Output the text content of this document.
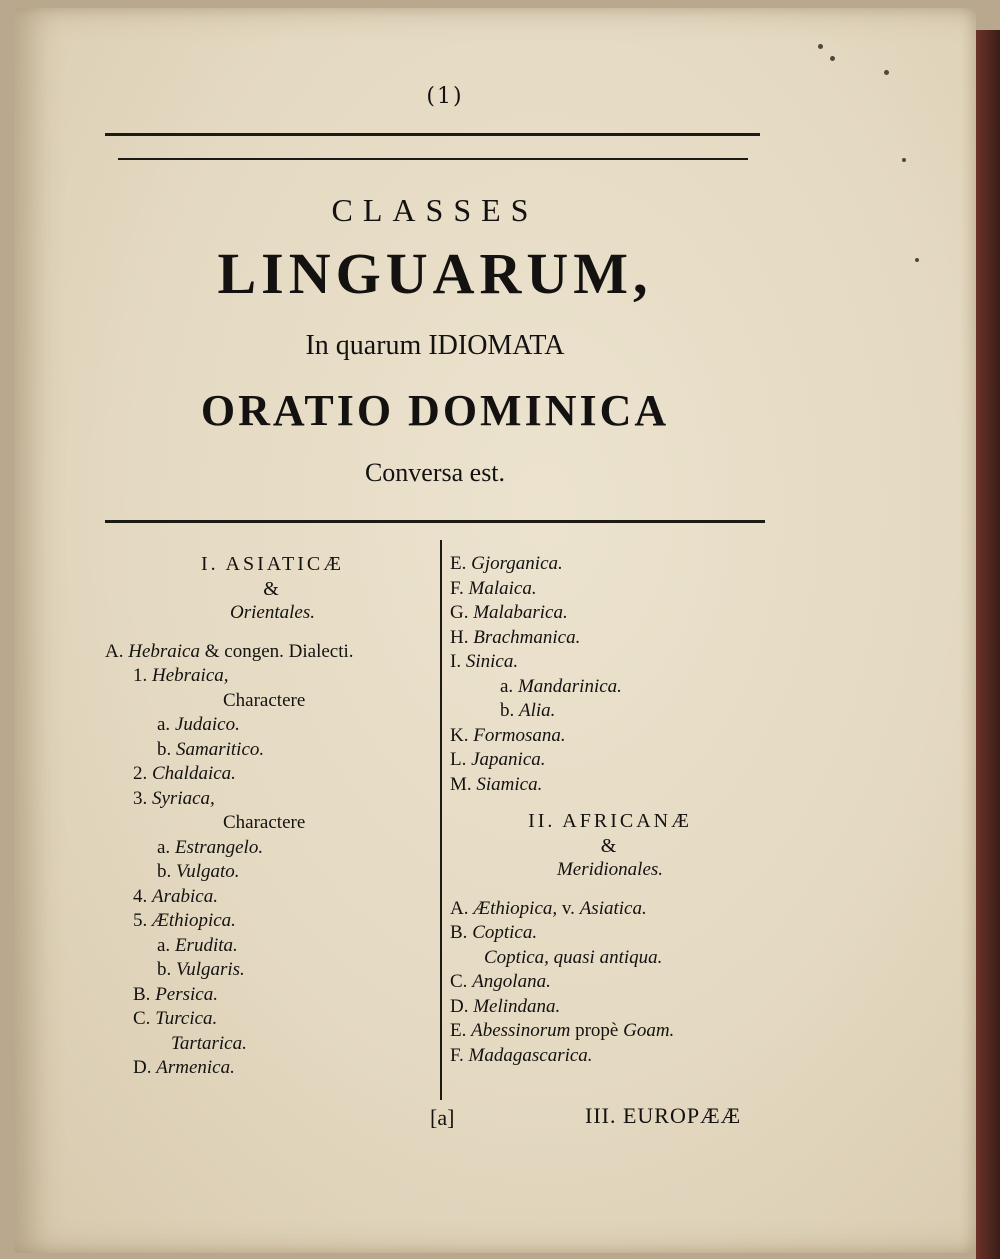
(1)
CLASSES
LINGUARUM,
In quarum IDIOMATA
ORATIO DOMINICA
Conversa est.
I. ASIATICÆ
&
Orientales.
A. Hebraica & congen. Dialecti.
1. Hebraica,
Charactere
a. Judaico.
b. Samaritico.
2. Chaldaica.
3. Syriaca,
Charactere
a. Estrangelo.
b. Vulgato.
4. Arabica.
5. Æthiopica.
a. Erudita.
b. Vulgaris.
B. Persica.
C. Turcica.
Tartarica.
D. Armenica.
E. Gjorganica.
F. Malaica.
G. Malabarica.
H. Brachmanica.
I. Sinica.
a. Mandarinica.
b. Alia.
K. Formosana.
L. Japanica.
M. Siamica.
II. AFRICANÆ
&
Meridionales.
A. Æthiopica, v. Asiatica.
B. Coptica.
Coptica, quasi antiqua.
C. Angolana.
D. Melindana.
E. Abessinorum propè Goam.
F. Madagascarica.
[a]	III. EUROPÆÆ
